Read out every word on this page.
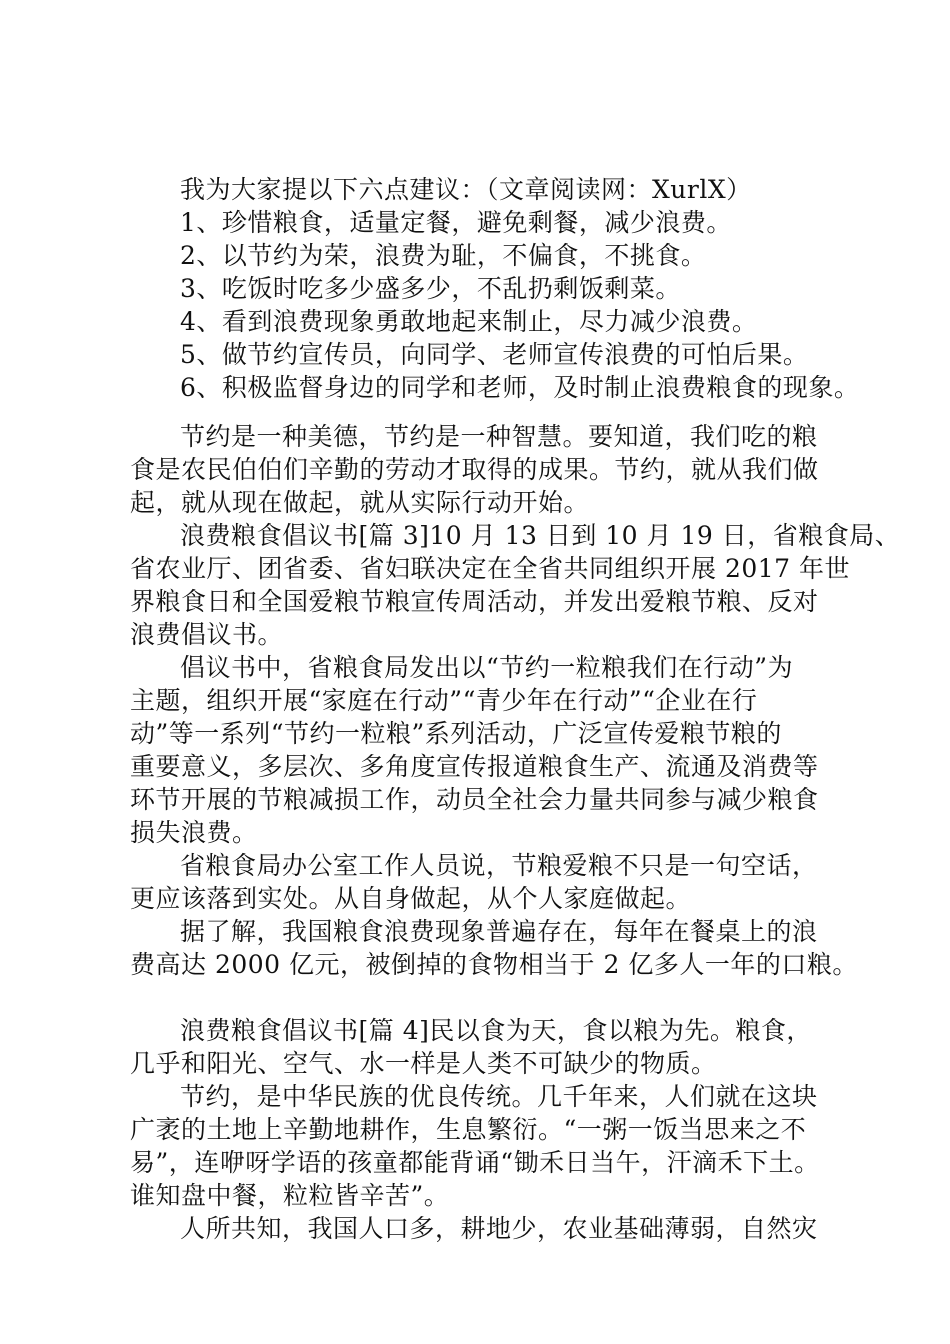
我为大家提以下六点建议：（文章阅读网：XurlX）
1、珍惜粮食，适量定餐，避免剩餐，减少浪费。
2、以节约为荣，浪费为耻，不偏食，不挑食。
3、吃饭时吃多少盛多少，不乱扔剩饭剩菜。
4、看到浪费现象勇敢地起来制止，尽力减少浪费。
5、做节约宣传员，向同学、老师宣传浪费的可怕后果。
6、积极监督身边的同学和老师，及时制止浪费粮食的现象。
节约是一种美德，节约是一种智慧。要知道，我们吃的粮
食是农民伯伯们辛勤的劳动才取得的成果。节约，就从我们做
起，就从现在做起，就从实际行动开始。
浪费粮食倡议书[篇 3]10 月 13 日到 10 月 19 日，省粮食局、
省农业厅、团省委、省妇联决定在全省共同组织开展 2017 年世
界粮食日和全国爱粮节粮宣传周活动，并发出爱粮节粮、反对
浪费倡议书。
倡议书中，省粮食局发出以“节约一粒粮我们在行动”为
主题，组织开展“家庭在行动”“青少年在行动”“企业在行
动”等一系列“节约一粒粮”系列活动，广泛宣传爱粮节粮的
重要意义，多层次、多角度宣传报道粮食生产、流通及消费等
环节开展的节粮减损工作，动员全社会力量共同参与减少粮食
损失浪费。
省粮食局办公室工作人员说，节粮爱粮不只是一句空话，
更应该落到实处。从自身做起，从个人家庭做起。
据了解，我国粮食浪费现象普遍存在，每年在餐桌上的浪
费高达 2000 亿元，被倒掉的食物相当于 2 亿多人一年的口粮。
浪费粮食倡议书[篇 4]民以食为天，食以粮为先。粮食，
几乎和阳光、空气、水一样是人类不可缺少的物质。
节约，是中华民族的优良传统。几千年来，人们就在这块
广袤的土地上辛勤地耕作，生息繁衍。“一粥一饭当思来之不
易”，连咿呀学语的孩童都能背诵“锄禾日当午，汗滴禾下土。
谁知盘中餐，粒粒皆辛苦”。
人所共知，我国人口多，耕地少，农业基础薄弱，自然灾
